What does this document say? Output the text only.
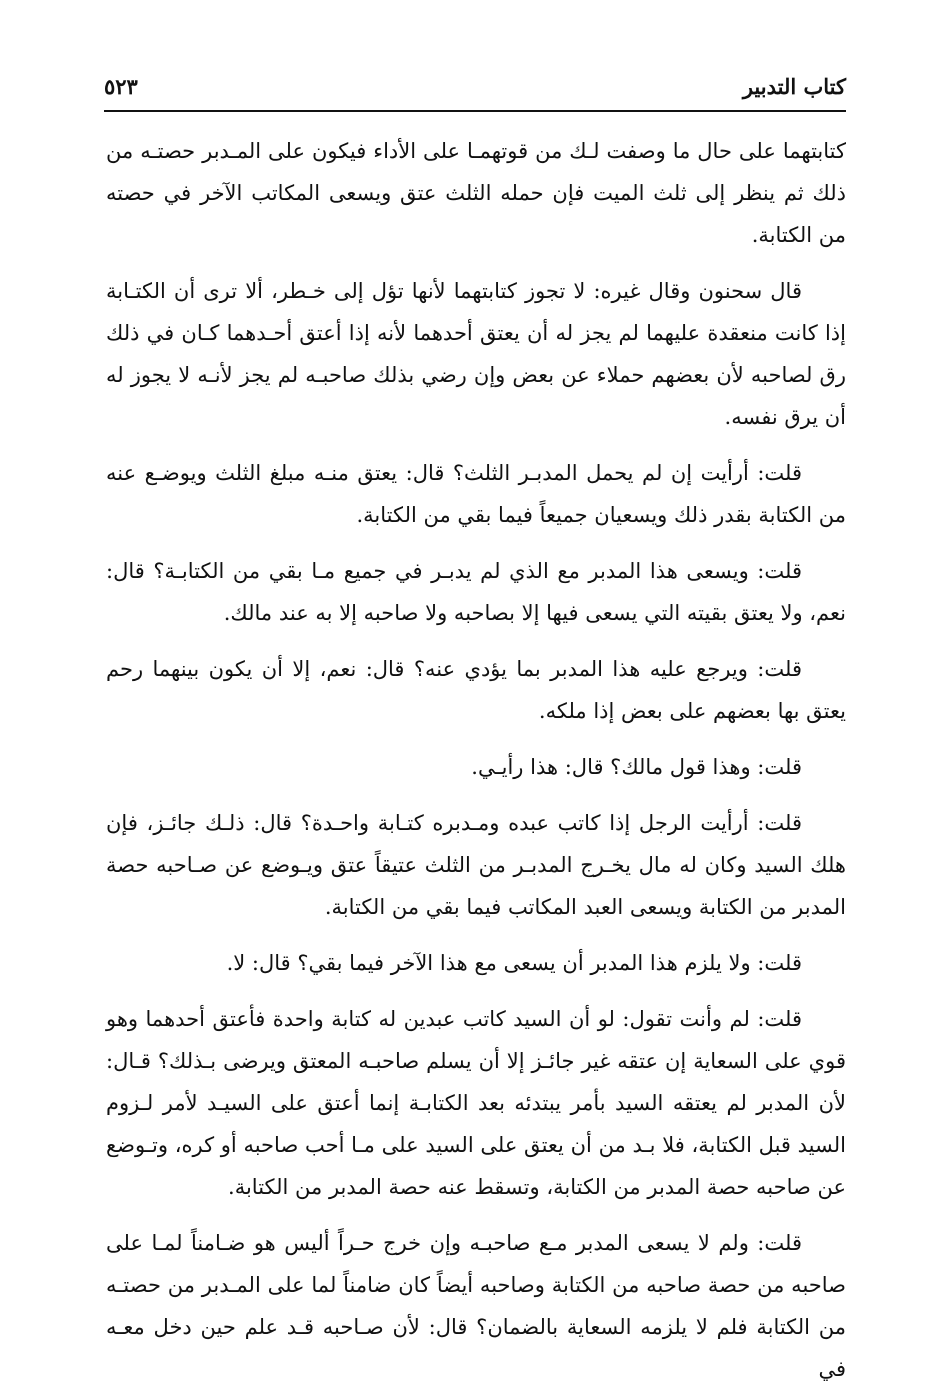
كتاب التدبير
٥٢٣

كتابتهما على حال ما وصفت لـك من قوتهمـا على الأداء فيكون على المـدبر حصتـه من ذلك ثم ينظر إلى ثلث الميت فإن حمله الثلث عتق ويسعى المكاتب الآخر في حصته من الكتابة.

قال سحنون وقال غيره: لا تجوز كتابتهما لأنها تؤل إلى خـطر، ألا ترى أن الكتـابة إذا كانت منعقدة عليهما لم يجز له أن يعتق أحدهما لأنه إذا أعتق أحـدهما كـان في ذلك رق لصاحبه لأن بعضهم حملاء عن بعض وإن رضي بذلك صاحبـه لم يجز لأنـه لا يجوز له أن يرق نفسه.

قلت: أرأيت إن لم يحمل المدبـر الثلث؟ قال: يعتق منـه مبلغ الثلث ويوضـع عنه من الكتابة بقدر ذلك ويسعيان جميعاً فيما بقي من الكتابة.

قلت: ويسعى هذا المدبر مع الذي لم يدبـر في جميع مـا بقي من الكتابـة؟ قال: نعم، ولا يعتق بقيته التي يسعى فيها إلا بصاحبه ولا صاحبه إلا به عند مالك.

قلت: ويرجع عليه هذا المدبر بما يؤدي عنه؟ قال: نعم، إلا أن يكون بينهما رحم يعتق بها بعضهم على بعض إذا ملكه.

قلت: وهذا قول مالك؟ قال: هذا رأيـي.

قلت: أرأيت الرجل إذا كاتب عبده ومـدبره كتـابة واحـدة؟ قال: ذلـك جائـز، فإن هلك السيد وكان له مال يخـرج المدبـر من الثلث عتيقاً عتق ويـوضع عن صـاحبه حصة المدبر من الكتابة ويسعى العبد المكاتب فيما بقي من الكتابة.

قلت: ولا يلزم هذا المدبر أن يسعى مع هذا الآخر فيما بقي؟ قال: لا.

قلت: لم وأنت تقول: لو أن السيد كاتب عبدين له كتابة واحدة فأعتق أحدهما وهو قوي على السعاية إن عتقه غير جائـز إلا أن يسلم صاحبـه المعتق ويرضى بـذلك؟ قـال: لأن المدبر لم يعتقه السيد بأمر يبتدئه بعد الكتابـة إنما أعتق على السيـد لأمر لـزوم السيد قبل الكتابة، فلا بـد من أن يعتق على السيد على مـا أحب صاحبه أو كره، وتـوضع عن صاحبه حصة المدبر من الكتابة، وتسقط عنه حصة المدبر من الكتابة.

قلت: ولم لا يسعى المدبر مـع صاحبـه وإن خرج حـراً أليس هو ضـامناً لمـا على صاحبه من حصة صاحبه من الكتابة وصاحبه أيضاً كان ضامناً لما على المـدبر من حصتـه من الكتابة فلم لا يلزمه السعاية بالضمان؟ قال: لأن صـاحبه قـد علم حين دخل معـه في
